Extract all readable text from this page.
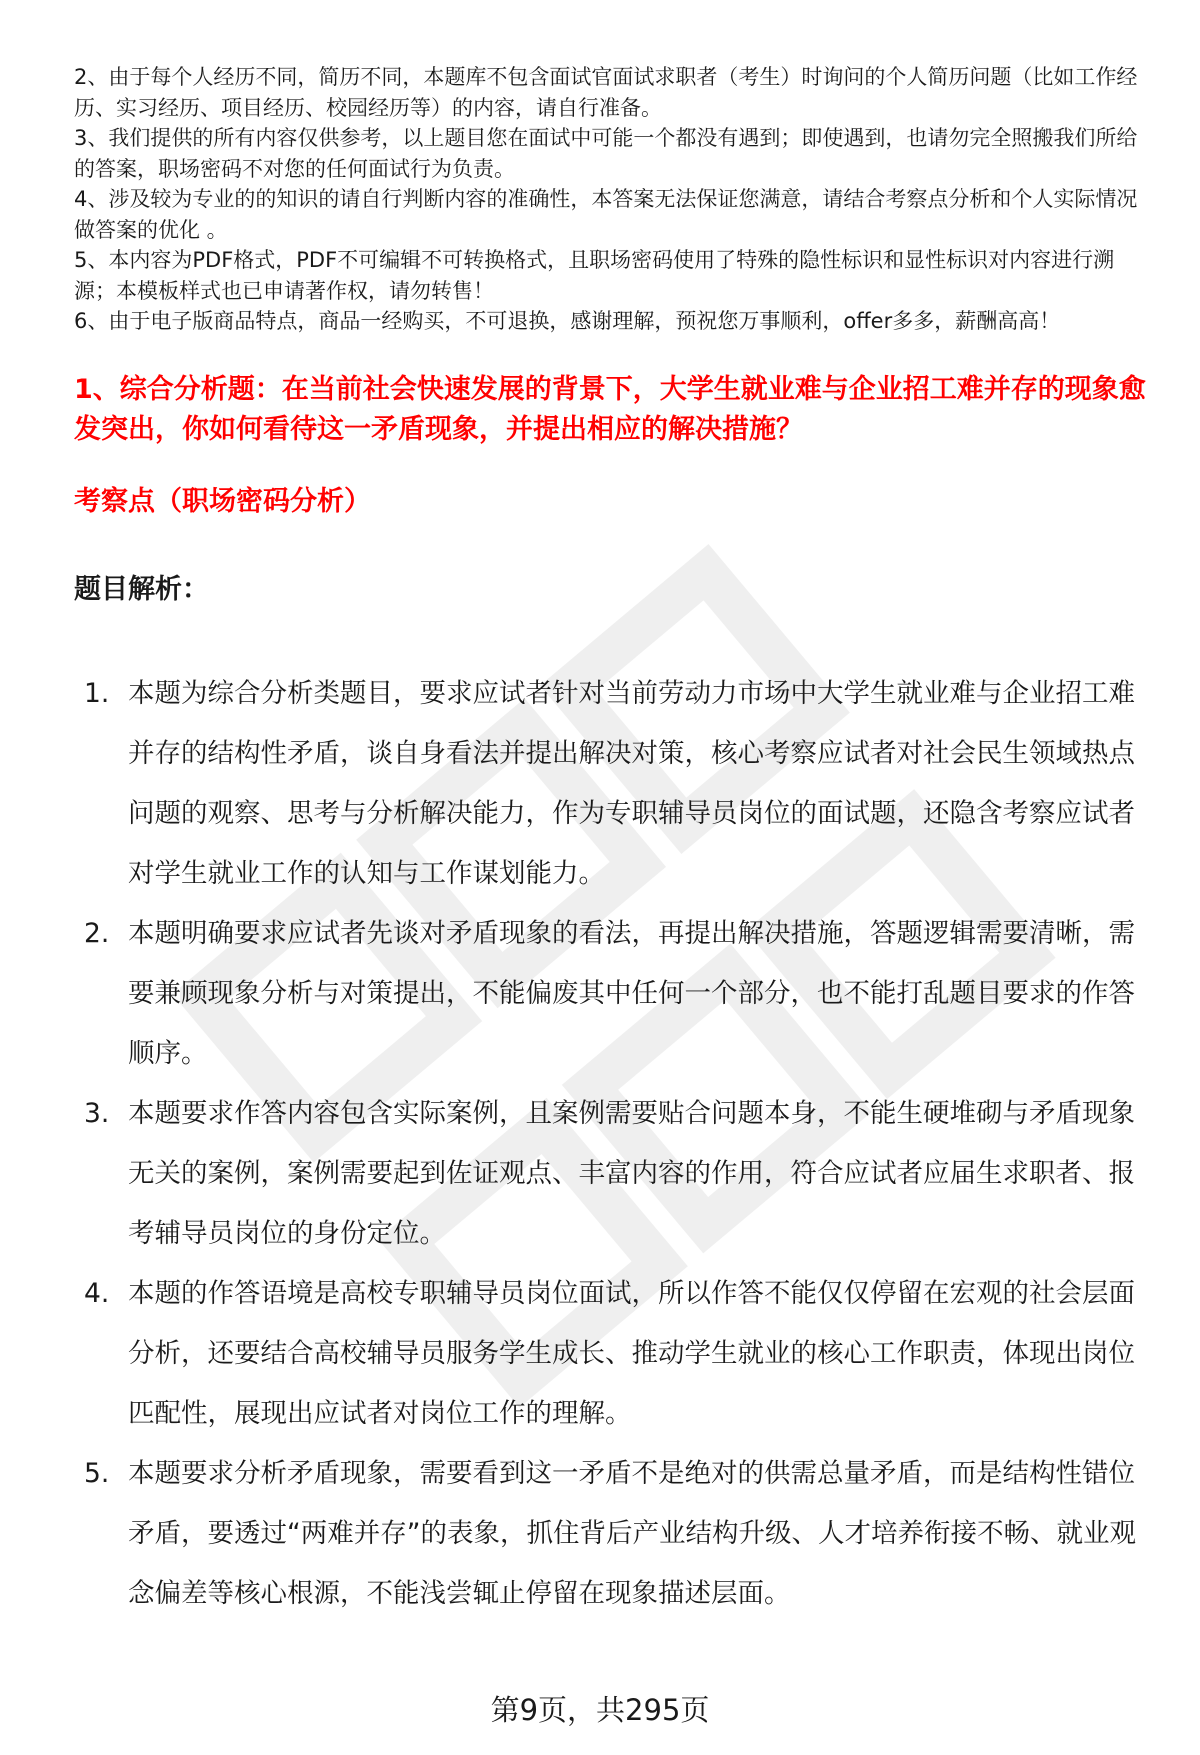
2、由于每个人经历不同，简历不同，本题库不包含面试官面试求职者（考生）时询问的个人简历问题（比如工作经历、实习经历、项目经历、校园经历等）的内容，请自行准备。

3、我们提供的所有内容仅供参考，以上题目您在面试中可能一个都没有遇到；即使遇到，也请勿完全照搬我们所给的答案，职场密码不对您的任何面试行为负责。

4、涉及较为专业的的知识的请自行判断内容的准确性，本答案无法保证您满意，请结合考察点分析和个人实际情况做答案的优化 。

5、本内容为PDF格式，PDF不可编辑不可转换格式，且职场密码使用了特殊的隐性标识和显性标识对内容进行溯源；本模板样式也已申请著作权，请勿转售！

6、由于电子版商品特点，商品一经购买，不可退换，感谢理解，预祝您万事顺利，offer多多，薪酬高高！

1、综合分析题：在当前社会快速发展的背景下，大学生就业难与企业招工难并存的现象愈发突出，你如何看待这一矛盾现象，并提出相应的解决措施？
考察点（职场密码分析）
题目解析：
1. 本题为综合分析类题目，要求应试者针对当前劳动力市场中大学生就业难与企业招工难并存的结构性矛盾，谈自身看法并提出解决对策，核心考察应试者对社会民生领域热点问题的观察、思考与分析解决能力，作为专职辅导员岗位的面试题，还隐含考察应试者对学生就业工作的认知与工作谋划能力。
2. 本题明确要求应试者先谈对矛盾现象的看法，再提出解决措施，答题逻辑需要清晰，需要兼顾现象分析与对策提出，不能偏废其中任何一个部分，也不能打乱题目要求的作答顺序。
3. 本题要求作答内容包含实际案例，且案例需要贴合问题本身，不能生硬堆砌与矛盾现象无关的案例，案例需要起到佐证观点、丰富内容的作用，符合应试者应届生求职者、报考辅导员岗位的身份定位。
4. 本题的作答语境是高校专职辅导员岗位面试，所以作答不能仅仅停留在宏观的社会层面分析，还要结合高校辅导员服务学生成长、推动学生就业的核心工作职责，体现出岗位匹配性，展现出应试者对岗位工作的理解。
5. 本题要求分析矛盾现象，需要看到这一矛盾不是绝对的供需总量矛盾，而是结构性错位矛盾，要透过“两难并存”的表象，抓住背后产业结构升级、人才培养衔接不畅、就业观念偏差等核心根源，不能浅尝辄止停留在现象描述层面。
第9页，共295页
